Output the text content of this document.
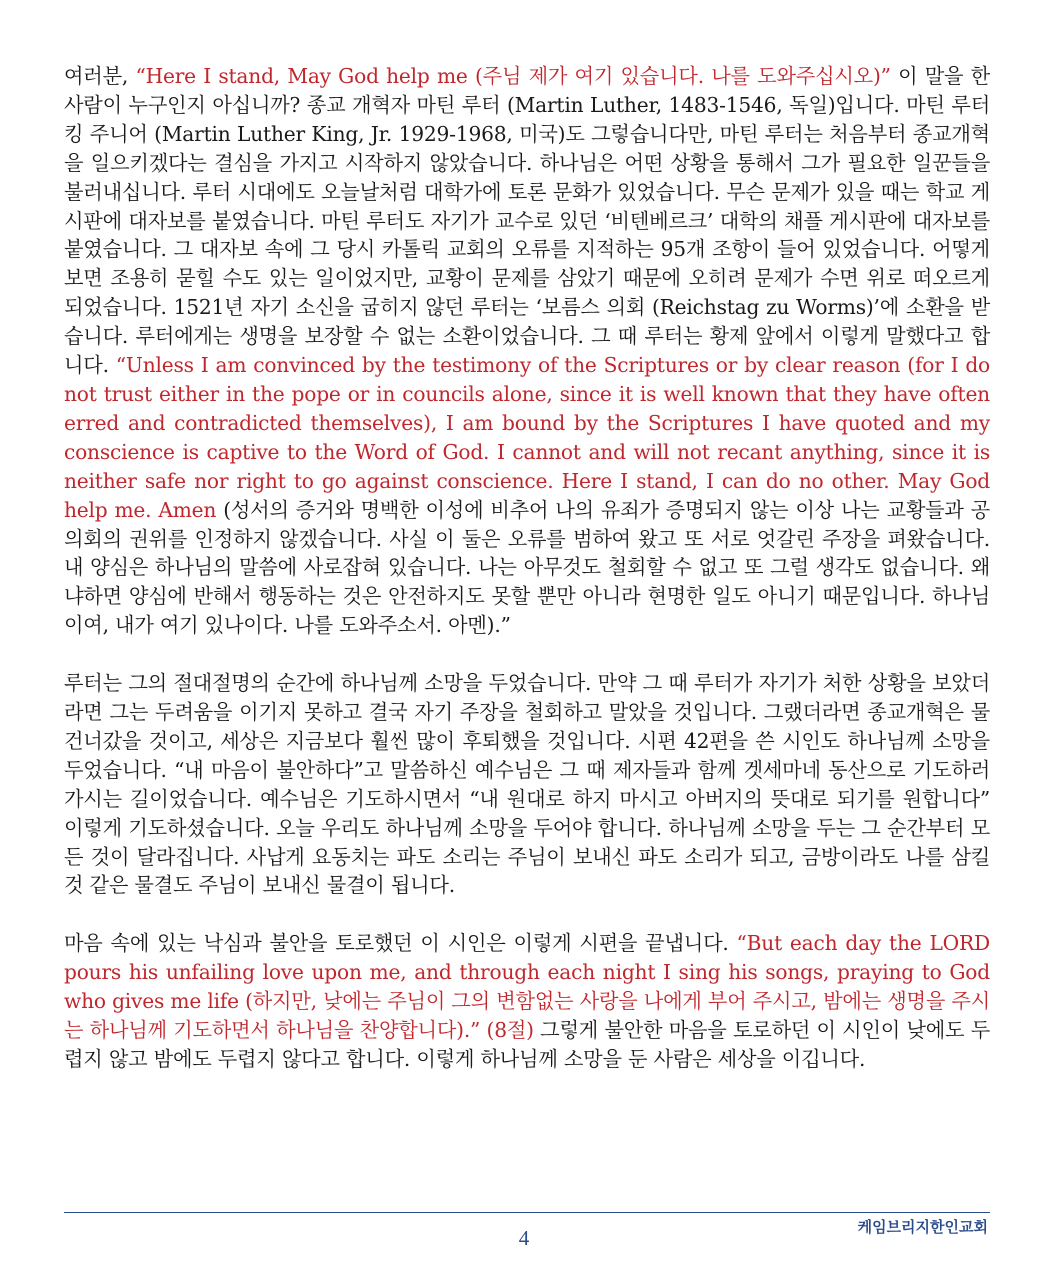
여러분, “Here I stand, May God help me (주님 제가 여기 있습니다. 나를 도와주십시오)” 이 말을 한 사람이 누구인지 아십니까? 종교 개혁자 마틴 루터 (Martin Luther, 1483-1546, 독일)입니다. 마틴 루터 킹 주니어 (Martin Luther King, Jr. 1929-1968, 미국)도 그렇습니다만, 마틴 루터는 처음부터 종교개혁을 일으키겠다는 결심을 가지고 시작하지 않았습니다. 하나님은 어떤 상황을 통해서 그가 필요한 일꾼들을 불러내십니다. 루터 시대에도 오늘날처럼 대학가에 토론 문화가 있었습니다. 무슨 문제가 있을 때는 학교 게시판에 대자보를 붙였습니다. 마틴 루터도 자기가 교수로 있던 ‘비텐베르크’ 대학의 채플 게시판에 대자보를 붙였습니다. 그 대자보 속에 그 당시 카톨릭 교회의 오류를 지적하는 95개 조항이 들어 있었습니다. 어떻게 보면 조용히 묻힐 수도 있는 일이었지만, 교황이 문제를 삼았기 때문에 오히려 문제가 수면 위로 떠오르게 되었습니다. 1521년 자기 소신을 굽히지 않던 루터는 ‘보름스 의회 (Reichstag zu Worms)’에 소환을 받습니다. 루터에게는 생명을 보장할 수 없는 소환이었습니다. 그 때 루터는 황제 앞에서 이렇게 말했다고 합니다. “Unless I am convinced by the testimony of the Scriptures or by clear reason (for I do not trust either in the pope or in councils alone, since it is well known that they have often erred and contradicted themselves), I am bound by the Scriptures I have quoted and my conscience is captive to the Word of God. I cannot and will not recant anything, since it is neither safe nor right to go against conscience. Here I stand, I can do no other. May God help me. Amen (성서의 증거와 명백한 이성에 비추어 나의 유죄가 증명되지 않는 이상 나는 교황들과 공의회의 권위를 인정하지 않겠습니다. 사실 이 둘은 오류를 범하여 왔고 또 서로 엇갈린 주장을 펴왔습니다. 내 양심은 하나님의 말씀에 사로잡혀 있습니다. 나는 아무것도 철회할 수 없고 또 그럴 생각도 없습니다. 왜냐하면 양심에 반해서 행동하는 것은 안전하지도 못할 뿐만 아니라 현명한 일도 아니기 때문입니다. 하나님이여, 내가 여기 있나이다. 나를 도와주소서. 아멘).”

루터는 그의 절대절명의 순간에 하나님께 소망을 두었습니다. 만약 그 때 루터가 자기가 처한 상황을 보았더라면 그는 두려움을 이기지 못하고 결국 자기 주장을 철회하고 말았을 것입니다. 그랬더라면 종교개혁은 물 건너갔을 것이고, 세상은 지금보다 훨씬 많이 후퇴했을 것입니다. 시편 42편을 쓴 시인도 하나님께 소망을 두었습니다. “내 마음이 불안하다”고 말씀하신 예수님은 그 때 제자들과 함께 겟세마네 동산으로 기도하러 가시는 길이었습니다. 예수님은 기도하시면서 “내 원대로 하지 마시고 아버지의 뜻대로 되기를 원합니다” 이렇게 기도하셨습니다. 오늘 우리도 하나님께 소망을 두어야 합니다. 하나님께 소망을 두는 그 순간부터 모든 것이 달라집니다. 사납게 요동치는 파도 소리는 주님이 보내신 파도 소리가 되고, 금방이라도 나를 삼킬 것 같은 물결도 주님이 보내신 물결이 됩니다.

마음 속에 있는 낙심과 불안을 토로했던 이 시인은 이렇게 시편을 끝냅니다. “But each day the LORD pours his unfailing love upon me, and through each night I sing his songs, praying to God who gives me life (하지만, 낮에는 주님이 그의 변함없는 사랑을 나에게 부어 주시고, 밤에는 생명을 주시는 하나님께 기도하면서 하나님을 찬양합니다).” (8절) 그렇게 불안한 마음을 토로하던 이 시인이 낮에도 두렵지 않고 밤에도 두렵지 않다고 합니다. 이렇게 하나님께 소망을 둔 사람은 세상을 이깁니다.

케임브리지한인교회
4
